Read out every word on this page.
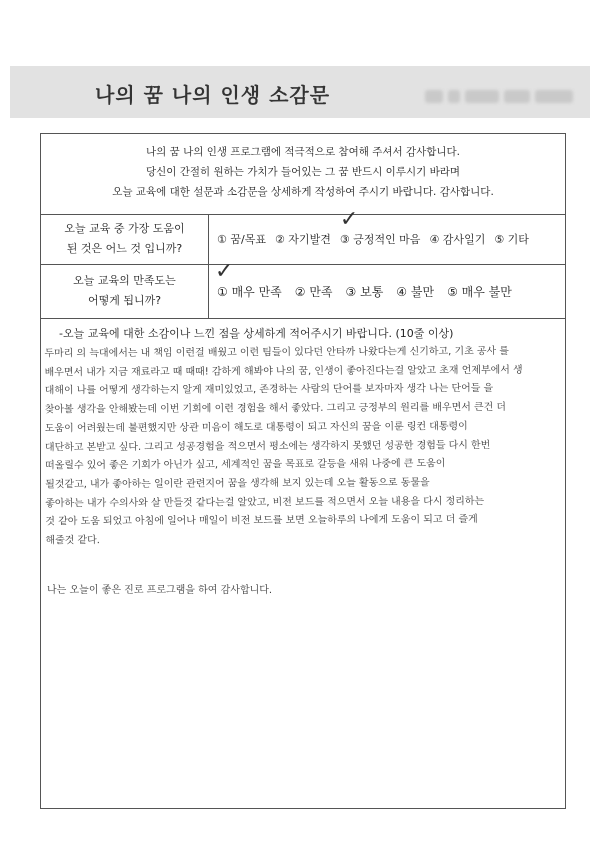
나의 꿈 나의 인생 소감문
나의 꿈 나의 인생 프로그램에 적극적으로 참여해 주셔서 감사합니다.
당신이 간절히 원하는 가치가 들어있는 그 꿈 반드시 이루시기 바라며
오늘 교육에 대한 설문과 소감문을 상세하게 작성하여 주시기 바랍니다. 감사합니다.
오늘 교육 중 가장 도움이
된 것은 어느 것 입니까?
① 꿈/목표 ② 자기발견
✓
③ 긍정적인 마음 ④ 감사일기 ⑤ 기타
오늘 교육의 만족도는
어떻게 됩니까?
✓
① 매우 만족 ② 만족 ③ 보통 ④ 불만 ⑤ 매우 불만
-오늘 교육에 대한 소감이나 느낀 점을 상세하게 적어주시기 바랍니다. (10줄 이상)
두마리 의 늑대에서는 내 책임 이런걸 배웠고 이런 팀들이 있다던 안타까 나왔다는게 신기하고, 기초 공사 를
배우면서 내가 지금 재료라고 때 때때! 감하게 해봐야 나의 꿈, 인생이 좋아진다는걸 알았고 초재 언제부에서 생
대해이 나를 어떻게 생각하는지 알게 재미있었고, 존경하는 사람의 단어를 보자마자 생각 나는 단어들 을
찾아볼 생각을 안해봤는데 이번 기회에 이런 경험을 해서 좋았다. 그리고 긍정부의 원리를 배우면서 큰건 더
도움이 어려웠는데 불편했지만 상관 미음이 해도로 대통령이 되고 자신의 꿈을 이룬 링컨 대통령이
대단하고 본받고 싶다. 그리고 성공경험을 적으면서 평소에는 생각하지 못했던 성공한 경험들 다시 한번
떠올릴수 있어 좋은 기회가 아닌가 싶고, 세계적인 꿈을 목표로 갈등을 새워 나중에 큰 도움이
될것같고, 내가 좋아하는 일이란 관련지어 꿈을 생각해 보지 있는데 오늘 활동으로 동물을
좋아하는 내가 수의사와 살 만들것 같다는걸 알았고, 비전 보드를 적으면서 오늘 내용을 다시 정리하는
것 같아 도움 되었고 아침에 일어나 매일이 비전 보드를 보면 오늘하루의 나에게 도움이 되고 더 즐게
해줄것 같다.
나는 오늘이 좋은 진로 프로그램을 하여 감사합니다.
